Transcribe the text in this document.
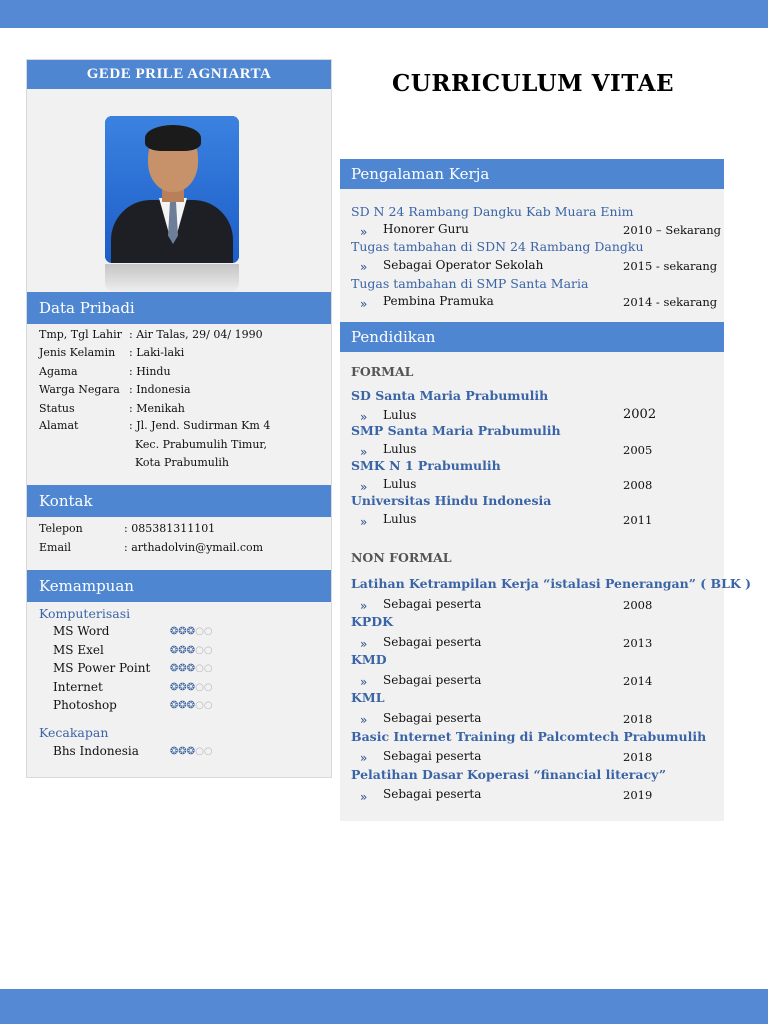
GEDE PRILE AGNIARTA
Data Pribadi
Tmp, Tgl Lahir : Air Talas, 29/ 04/ 1990
Jenis Kelamin : Laki-laki
Agama	: Hindu
Warga Negara : Indonesia
Status	: Menikah
Alamat	: Jl. Jend. Sudirman Km 4
Kec. Prabumulih Timur,
Kota Prabumulih
Kontak
Telepon	: 085381311101
Email	: arthadolvin@ymail.com
Kemampuan
Komputerisasi
MS Word	❂❂❂○○
MS Exel	❂❂❂○○
MS Power Point ❂❂❂○○
Internet	❂❂❂○○
Photoshop	❂❂❂○○
Kecakapan
Bhs Indonesia	❂❂❂○○
CURRICULUM VITAE
Pengalaman Kerja
SD N 24 Rambang Dangku Kab Muara Enim
» Honorer Guru	2010 – Sekarang
Tugas tambahan di SDN 24 Rambang Dangku
» Sebagai Operator Sekolah	2015 - sekarang
Tugas tambahan di SMP Santa Maria
» Pembina Pramuka	2014 - sekarang
Pendidikan
FORMAL
SD Santa Maria Prabumulih
» Lulus	2002
SMP Santa Maria Prabumulih
» Lulus	2005
SMK N 1 Prabumulih
» Lulus	2008
Universitas Hindu Indonesia
» Lulus	2011
NON FORMAL
Latihan Ketrampilan Kerja “istalasi Penerangan” ( BLK )
» Sebagai peserta	2008
KPDK
» Sebagai peserta	2013
KMD
» Sebagai peserta	2014
KML
» Sebagai peserta	2018
Basic Internet Training di Palcomtech Prabumulih
» Sebagai peserta	2018
Pelatihan Dasar Koperasi “financial literacy”
» Sebagai peserta	2019
